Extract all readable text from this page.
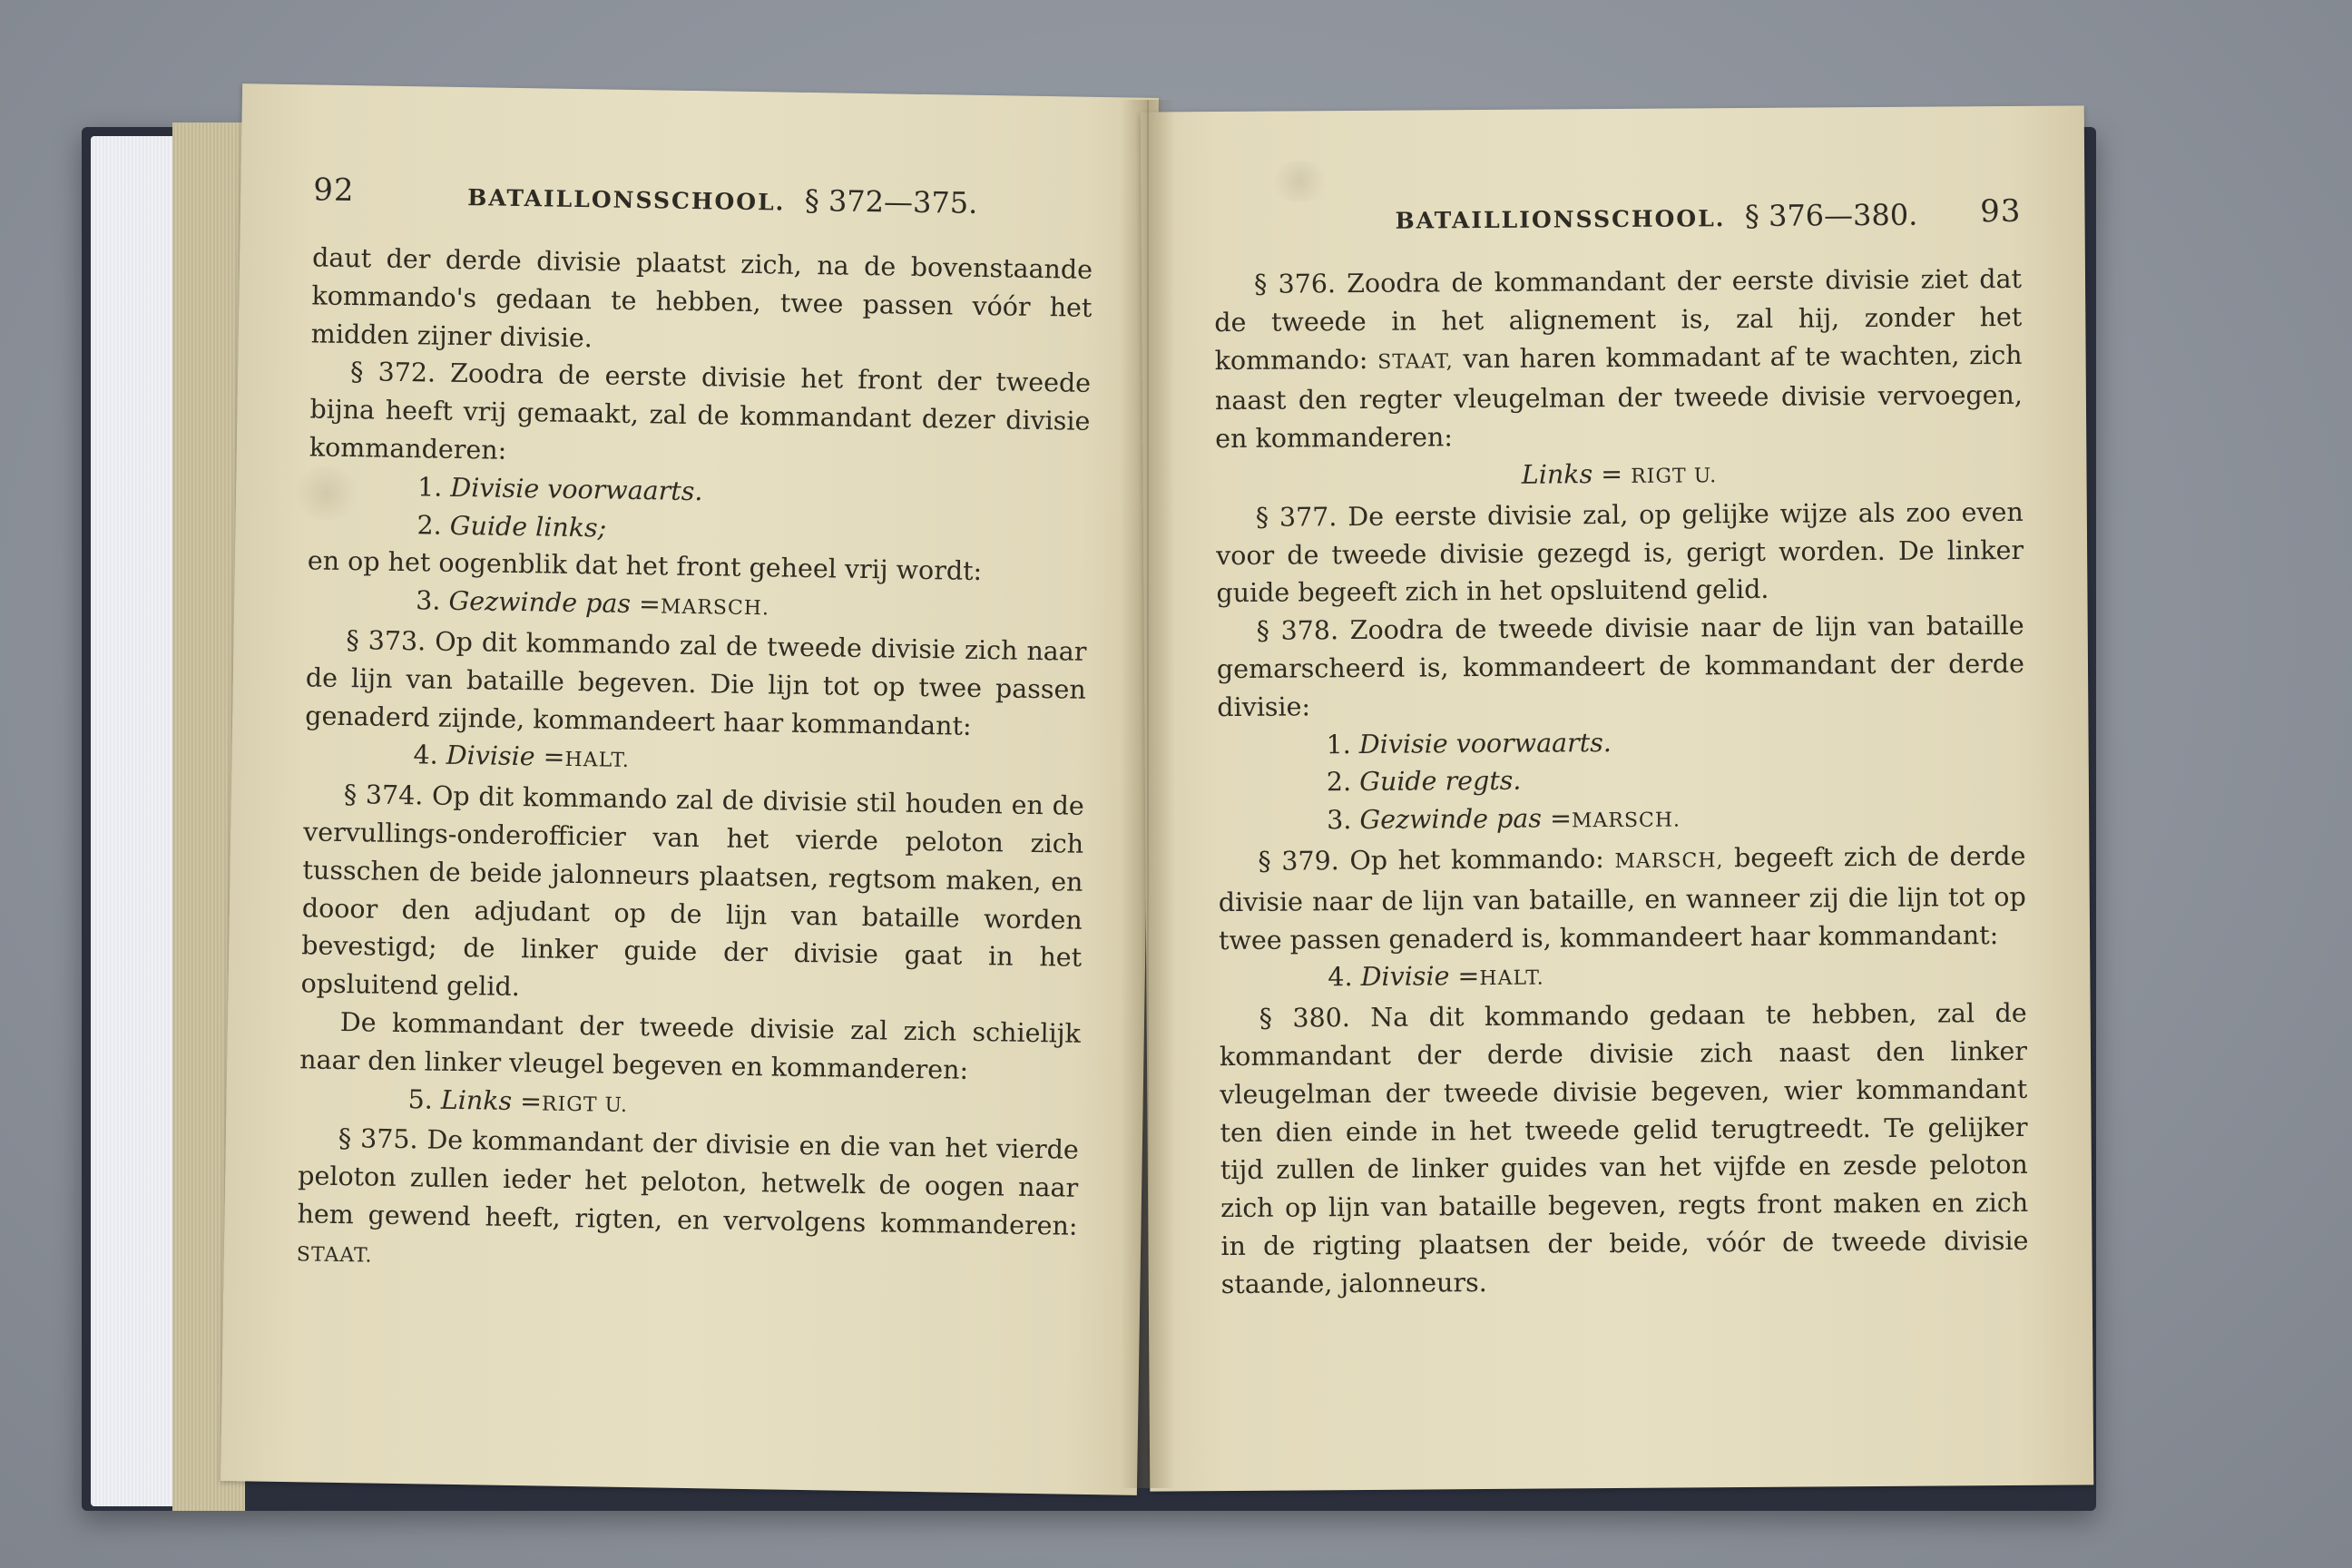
92	BATAILLONSSCHOOL. § 372—375.

daut der derde divisie plaatst zich, na de bovenstaande kommando's gedaan te hebben, twee passen vóór het midden zijner divisie.

§ 372. Zoodra de eerste divisie het front der tweede bijna heeft vrij gemaakt, zal de kommandant dezer divisie kommanderen:

1. Divisie voorwaarts.
2. Guide links;

en op het oogenblik dat het front geheel vrij wordt:

3. Gezwinde pas =MARSCH.

§ 373. Op dit kommando zal de tweede divisie zich naar de lijn van bataille begeven. Die lijn tot op twee passen genaderd zijnde, kommandeert haar kommandant:

4. Divisie =HALT.

§ 374. Op dit kommando zal de divisie stil houden en de vervullings-onderofficier van het vierde peloton zich tusschen de beide jalonneurs plaatsen, regtsom maken, en dooor den adjudant op de lijn van bataille worden bevestigd; de linker guide der divisie gaat in het opsluitend gelid.

De kommandant der tweede divisie zal zich schielijk naar den linker vleugel begeven en kommanderen:

5. Links =RIGT U.

§ 375. De kommandant der divisie en die van het vierde peloton zullen ieder het peloton, hetwelk de oogen naar hem gewend heeft, rigten, en vervolgens kommanderen: STAAT.

BATAILLIONSSCHOOL. § 376—380. 93

§ 376. Zoodra de kommandant der eerste divisie ziet dat de tweede in het alignement is, zal hij, zonder het kommando: STAAT, van haren kommadant af te wachten, zich naast den regter vleugelman der tweede divisie vervoegen, en kommanderen:

Links = RIGT U.

§ 377. De eerste divisie zal, op gelijke wijze als zoo even voor de tweede divisie gezegd is, gerigt worden. De linker guide begeeft zich in het opsluitend gelid.

§ 378. Zoodra de tweede divisie naar de lijn van bataille gemarscheerd is, kommandeert de kommandant der derde divisie:

1. Divisie voorwaarts.
2. Guide regts.
3. Gezwinde pas =MARSCH.

§ 379. Op het kommando: MARSCH, begeeft zich de derde divisie naar de lijn van bataille, en wanneer zij die lijn tot op twee passen genaderd is, kommandeert haar kommandant:

4. Divisie =HALT.

§ 380. Na dit kommando gedaan te hebben, zal de kommandant der derde divisie zich naast den linker vleugelman der tweede divisie begeven, wier kommandant ten dien einde in het tweede gelid terugtreedt. Te gelijker tijd zullen de linker guides van het vijfde en zesde peloton zich op lijn van bataille begeven, regts front maken en zich in de rigting plaatsen der beide, vóór de tweede divisie staande, jalonneurs.
